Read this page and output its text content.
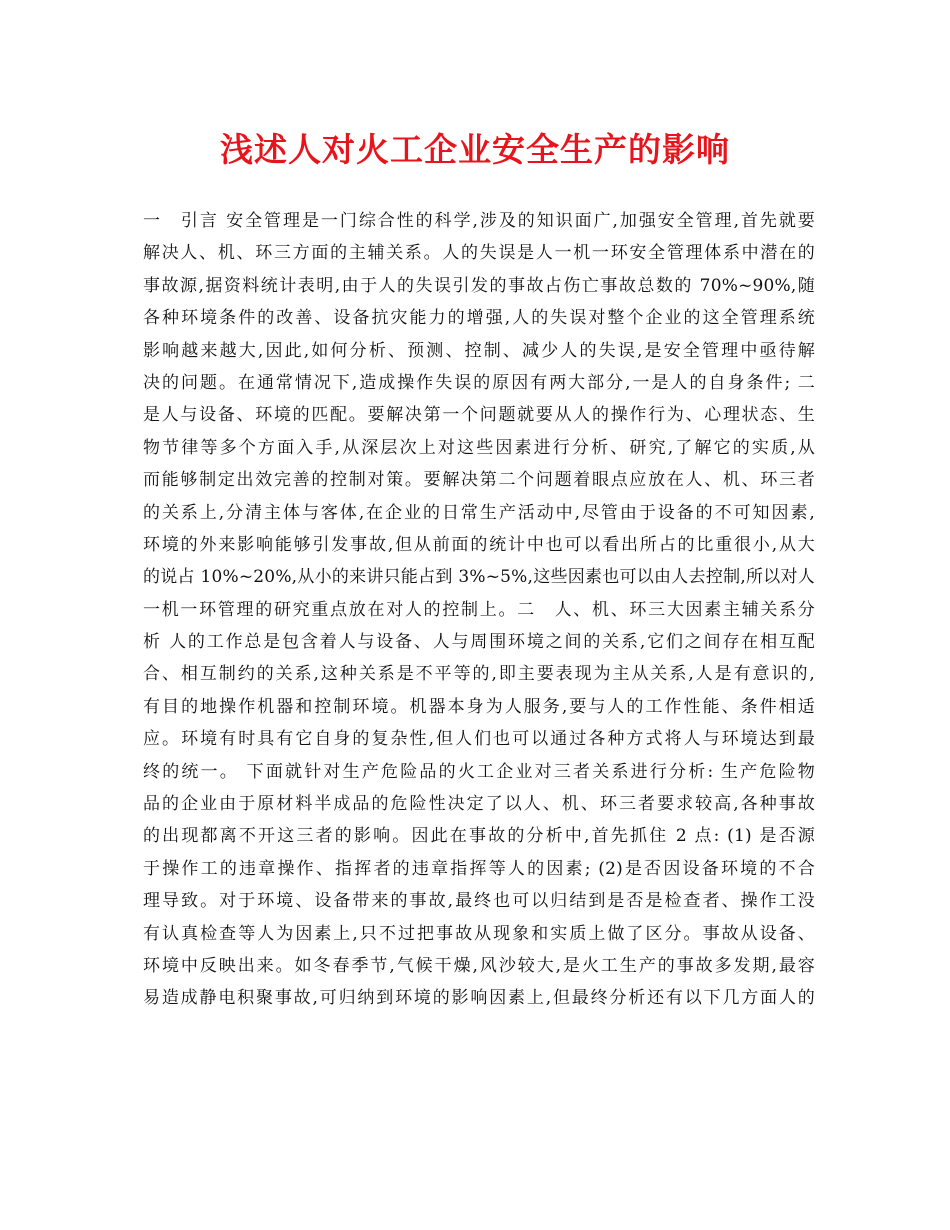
浅述人对火工企业安全生产的影响
一　引言 安全管理是一门综合性的科学,涉及的知识面广,加强安全管理,首先就要
解决人、机、环三方面的主辅关系。人的失误是人一机一环安全管理体系中潜在的
事故源,据资料统计表明,由于人的失误引发的事故占伤亡事故总数的 70%~90%,随
各种环境条件的改善、设备抗灾能力的增强,人的失误对整个企业的这全管理系统
影响越来越大,因此,如何分析、预测、控制、减少人的失误,是安全管理中亟待解
决的问题。在通常情况下,造成操作失误的原因有两大部分,一是人的自身条件; 二
是人与设备、环境的匹配。要解决第一个问题就要从人的操作行为、心理状态、生
物节律等多个方面入手,从深层次上对这些因素进行分析、研究,了解它的实质,从
而能够制定出效完善的控制对策。要解决第二个问题着眼点应放在人、机、环三者
的关系上,分清主体与客体,在企业的日常生产活动中,尽管由于设备的不可知因素,
环境的外来影响能够引发事故,但从前面的统计中也可以看出所占的比重很小,从大
的说占 10%~20%,从小的来讲只能占到 3%~5%,这些因素也可以由人去控制,所以对人
一机一环管理的研究重点放在对人的控制上。二　人、机、环三大因素主辅关系分
析 人的工作总是包含着人与设备、人与周围环境之间的关系,它们之间存在相互配
合、相互制约的关系,这种关系是不平等的,即主要表现为主从关系,人是有意识的,
有目的地操作机器和控制环境。机器本身为人服务,要与人的工作性能、条件相适
应。环境有时具有它自身的复杂性,但人们也可以通过各种方式将人与环境达到最
终的统一。 下面就针对生产危险品的火工企业对三者关系进行分析: 生产危险物
品的企业由于原材料半成品的危险性决定了以人、机、环三者要求较高,各种事故
的出现都离不开这三者的影响。因此在事故的分析中,首先抓住 2 点: (1) 是否源
于操作工的违章操作、指挥者的违章指挥等人的因素; (2)是否因设备环境的不合
理导致。对于环境、设备带来的事故,最终也可以归结到是否是检查者、操作工没
有认真检查等人为因素上,只不过把事故从现象和实质上做了区分。事故从设备、
环境中反映出来。如冬春季节,气候干燥,风沙较大,是火工生产的事故多发期,最容
易造成静电积聚事故,可归纳到环境的影响因素上,但最终分析还有以下几方面人的
